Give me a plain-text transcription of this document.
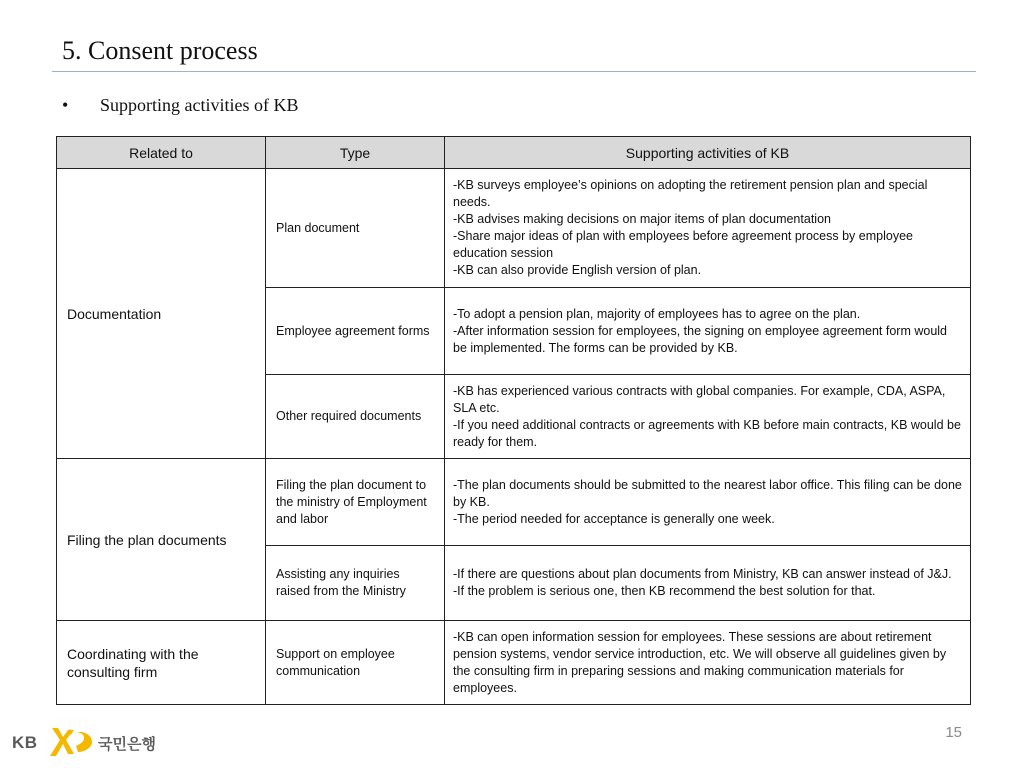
5. Consent process
• Supporting activities of KB
Related to	Type	Supporting activities of KB
Documentation	Plan document	-KB surveys employee’s opinions on adopting the retirement pension plan and special needs.
-KB advises making decisions on major items of plan documentation
-Share major ideas of plan with employees before agreement process by employee education session
-KB can also provide English version of plan.

	Employee agreement forms	-To adopt a pension plan, majority of employees has to agree on the plan.
-After information session for employees, the signing on employee agreement form would be implemented. The forms can be provided by KB.

	Other required documents	-KB has experienced various contracts with global companies. For example, CDA, ASPA, SLA etc.
-If you need additional contracts or agreements with KB before main contracts, KB would be ready for them.

Filing the plan documents	Filing the plan document to the ministry of Employment and labor	-The plan documents should be submitted to the nearest labor office. This filing can be done by KB.
-The period needed for acceptance is generally one week.

	Assisting any inquiries raised from the Ministry	-If there are questions about plan documents from Ministry, KB can answer instead of J&J.
-If the problem is serious one, then KB recommend the best solution for that.

Coordinating with the consulting firm	Support on employee communication	-KB can open information session for employees. These sessions are about retirement pension systems, vendor service introduction, etc. We will observe all guidelines given by the consulting firm in preparing sessions and making communication materials for employees.
KB	국민은행
15
